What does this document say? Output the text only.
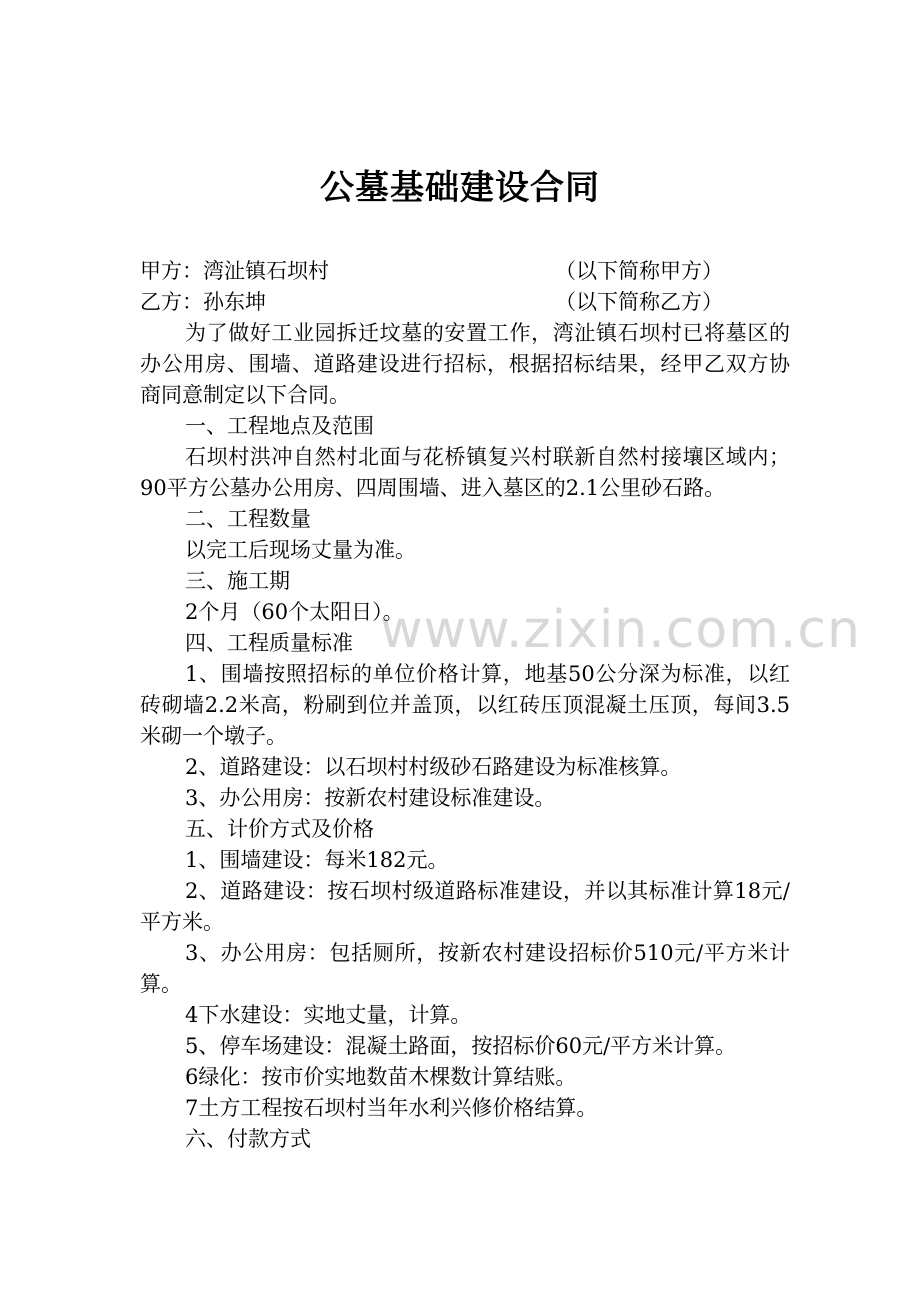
www.zixin.com.cn
公墓基础建设合同
甲方：湾沚镇石坝村	（以下简称甲方）
乙方：孙东坤	（以下简称乙方）

为了做好工业园拆迁坟墓的安置工作，湾沚镇石坝村已将墓区的办公用房、围墙、道路建设进行招标，根据招标结果，经甲乙双方协商同意制定以下合同。

一、工程地点及范围

石坝村洪冲自然村北面与花桥镇复兴村联新自然村接壤区域内；90平方公墓办公用房、四周围墙、进入墓区的2.1公里砂石路。

二、工程数量

以完工后现场丈量为准。

三、施工期

2个月（60个太阳日）。

四、工程质量标准

1、围墙按照招标的单位价格计算，地基50公分深为标准，以红砖砌墙2.2米高，粉刷到位并盖顶，以红砖压顶混凝土压顶，每间3.5米砌一个墩子。

2、道路建设：以石坝村村级砂石路建设为标准核算。

3、办公用房：按新农村建设标准建设。

五、计价方式及价格

1、围墙建设：每米182元。

2、道路建设：按石坝村级道路标准建设，并以其标准计算18元/平方米。

3、办公用房：包括厕所，按新农村建设招标价510元/平方米计算。

4下水建设：实地丈量，计算。

5、停车场建设：混凝土路面，按招标价60元/平方米计算。

6绿化：按市价实地数苗木棵数计算结账。

7土方工程按石坝村当年水利兴修价格结算。

六、付款方式
